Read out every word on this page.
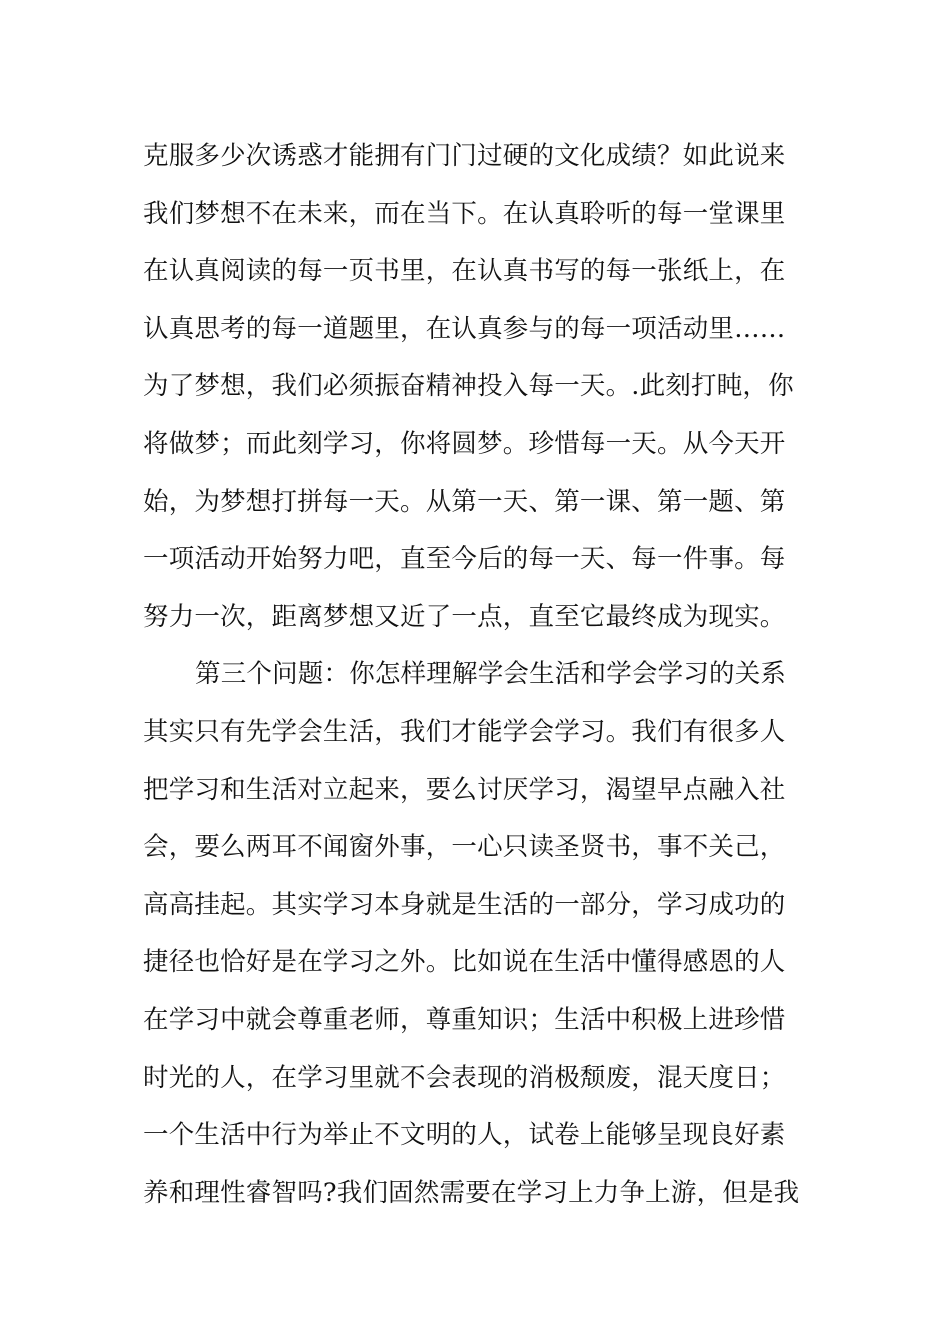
克服多少次诱惑才能拥有门门过硬的文化成绩？如此说来
我们梦想不在未来，而在当下。在认真聆听的每一堂课里
在认真阅读的每一页书里，在认真书写的每一张纸上，在
认真思考的每一道题里，在认真参与的每一项活动里……
为了梦想，我们必须振奋精神投入每一天。.此刻打盹，你
将做梦；而此刻学习，你将圆梦。珍惜每一天。从今天开
始，为梦想打拼每一天。从第一天、第一课、第一题、第
一项活动开始努力吧，直至今后的每一天、每一件事。每
努力一次，距离梦想又近了一点，直至它最终成为现实。
第三个问题：你怎样理解学会生活和学会学习的关系
其实只有先学会生活，我们才能学会学习。我们有很多人
把学习和生活对立起来，要么讨厌学习，渴望早点融入社
会，要么两耳不闻窗外事，一心只读圣贤书，事不关己，
高高挂起。其实学习本身就是生活的一部分，学习成功的
捷径也恰好是在学习之外。比如说在生活中懂得感恩的人
在学习中就会尊重老师，尊重知识；生活中积极上进珍惜
时光的人，在学习里就不会表现的消极颓废，混天度日；
一个生活中行为举止不文明的人，试卷上能够呈现良好素
养和理性睿智吗?我们固然需要在学习上力争上游，但是我
